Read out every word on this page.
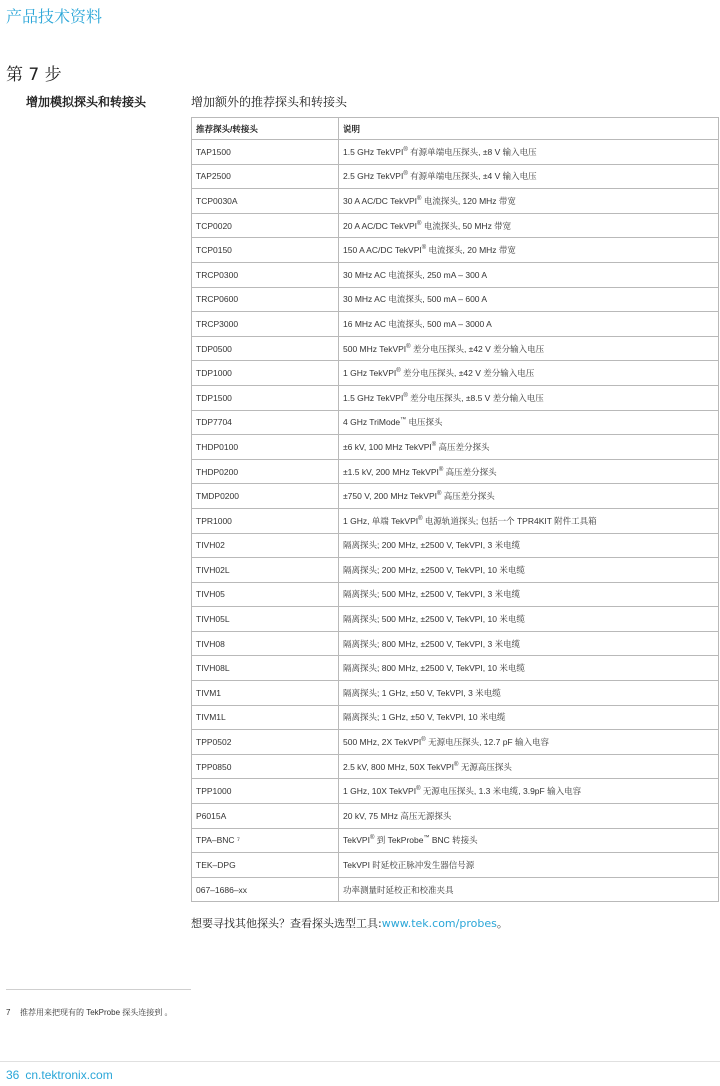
产品技术资料
第 7 步
增加模拟探头和转接头	增加额外的推荐探头和转接头
推荐探头/转接头	说明
TAP1500	1.5 GHz TekVPI® 有源单端电压探头, ±8 V 输入电压
TAP2500	2.5 GHz TekVPI® 有源单端电压探头, ±4 V 输入电压
TCP0030A	30 A AC/DC TekVPI® 电流探头, 120 MHz 带宽
TCP0020	20 A AC/DC TekVPI® 电流探头, 50 MHz 带宽
TCP0150	150 A AC/DC TekVPI® 电流探头, 20 MHz 带宽
TRCP0300	30 MHz AC 电流探头, 250 mA – 300 A
TRCP0600	30 MHz AC 电流探头, 500 mA – 600 A
TRCP3000	16 MHz AC 电流探头, 500 mA – 3000 A
TDP0500	500 MHz TekVPI® 差分电压探头, ±42 V 差分输入电压
TDP1000	1 GHz TekVPI® 差分电压探头, ±42 V 差分输入电压
TDP1500	1.5 GHz TekVPI® 差分电压探头, ±8.5 V 差分输入电压
TDP7704	4 GHz TriMode™ 电压探头
THDP0100	±6 kV, 100 MHz TekVPI® 高压差分探头
THDP0200	±1.5 kV, 200 MHz TekVPI® 高压差分探头
TMDP0200	±750 V, 200 MHz TekVPI® 高压差分探头
TPR1000	1 GHz, 单端 TekVPI® 电源轨道探头; 包括一个 TPR4KIT 附件工具箱
TIVH02	隔离探头; 200 MHz, ±2500 V, TekVPI, 3 米电缆
TIVH02L	隔离探头; 200 MHz, ±2500 V, TekVPI, 10 米电缆
TIVH05	隔离探头; 500 MHz, ±2500 V, TekVPI, 3 米电缆
TIVH05L	隔离探头; 500 MHz, ±2500 V, TekVPI, 10 米电缆
TIVH08	隔离探头; 800 MHz, ±2500 V, TekVPI, 3 米电缆
TIVH08L	隔离探头; 800 MHz, ±2500 V, TekVPI, 10 米电缆
TIVM1	隔离探头; 1 GHz, ±50 V, TekVPI, 3 米电缆
TIVM1L	隔离探头; 1 GHz, ±50 V, TekVPI, 10 米电缆
TPP0502	500 MHz, 2X TekVPI® 无源电压探头, 12.7 pF 输入电容
TPP0850	2.5 kV, 800 MHz, 50X TekVPI® 无源高压探头
TPP1000	1 GHz, 10X TekVPI® 无源电压探头, 1.3 米电缆, 3.9pF 输入电容
P6015A	20 kV, 75 MHz 高压无源探头
TPA–BNC ⁷	TekVPI® 到 TekProbe™ BNC 转接头
TEK–DPG	TekVPI 时延校正脉冲发生器信号源
067–1686–xx	功率测量时延校正和校准夹具
想要寻找其他探头？查看探头选型工具:www.tek.com/probes。
7 推荐用来把现有的 TekProbe 探头连接到 。
36 cn.tektronix.com
